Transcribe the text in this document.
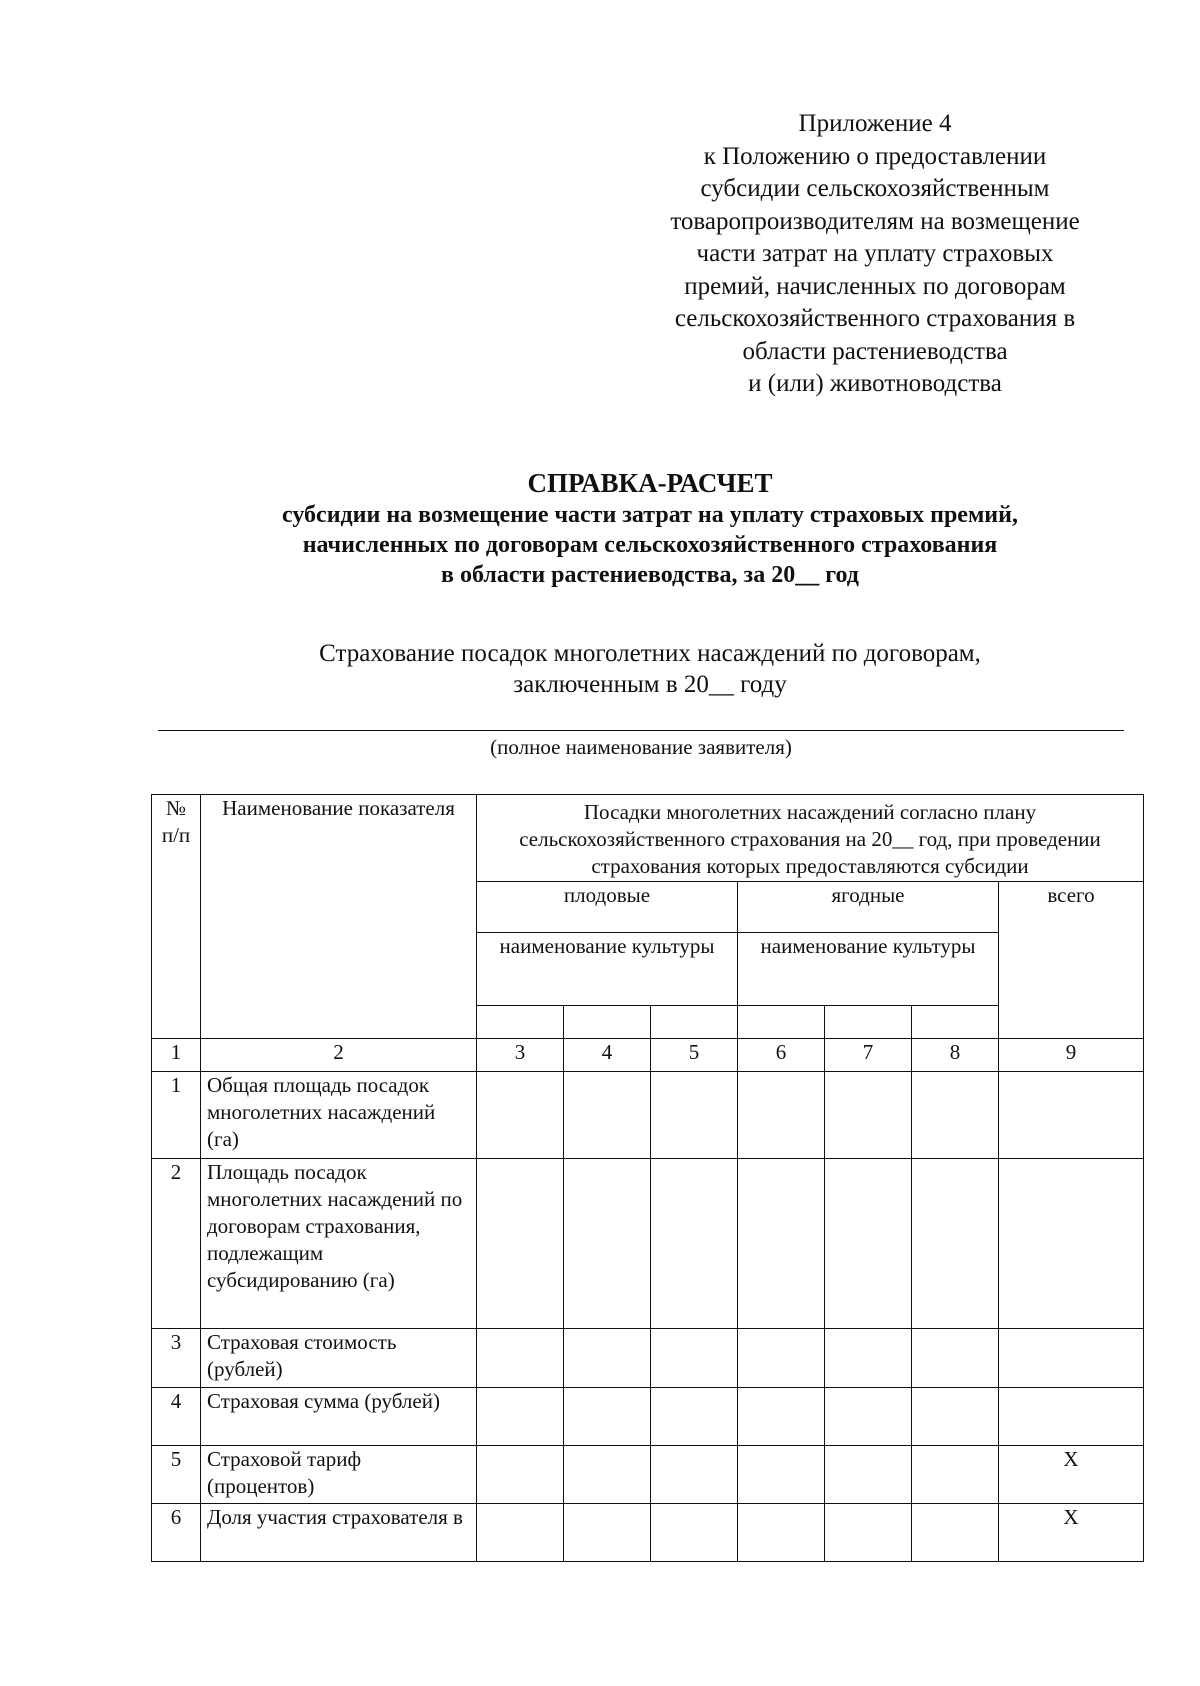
Приложение 4
к Положению о предоставлении
субсидии сельскохозяйственным
товаропроизводителям на возмещение
части затрат на уплату страховых
премий, начисленных по договорам
сельскохозяйственного страхования в
области растениеводства
и (или) животноводства
СПРАВКА-РАСЧЕТ
субсидии на возмещение части затрат на уплату страховых премий,
начисленных по договорам сельскохозяйственного страхования
в области растениеводства, за 20__ год
Страхование посадок многолетних насаждений по договорам,
заключенным в 20__ году
(полное наименование заявителя)
№ п/п	Наименование показателя	Посадки многолетних насаждений согласно плану сельскохозяйственного страхования на 20__ год, при проведении страхования которых предоставляются субсидии						
		плодовые			ягодные			всего
		наименование культуры			наименование культуры			

1	2	3	4	5	6	7	8	9
1	Общая площадь посадок многолетних насаждений (га)							
2	Площадь посадок многолетних насаждений по договорам страхования, подлежащим субсидированию (га)							
3	Страховая стоимость (рублей)							
4	Страховая сумма (рублей)							
5	Страховой тариф (процентов)							Х
6	Доля участия страхователя в							Х
